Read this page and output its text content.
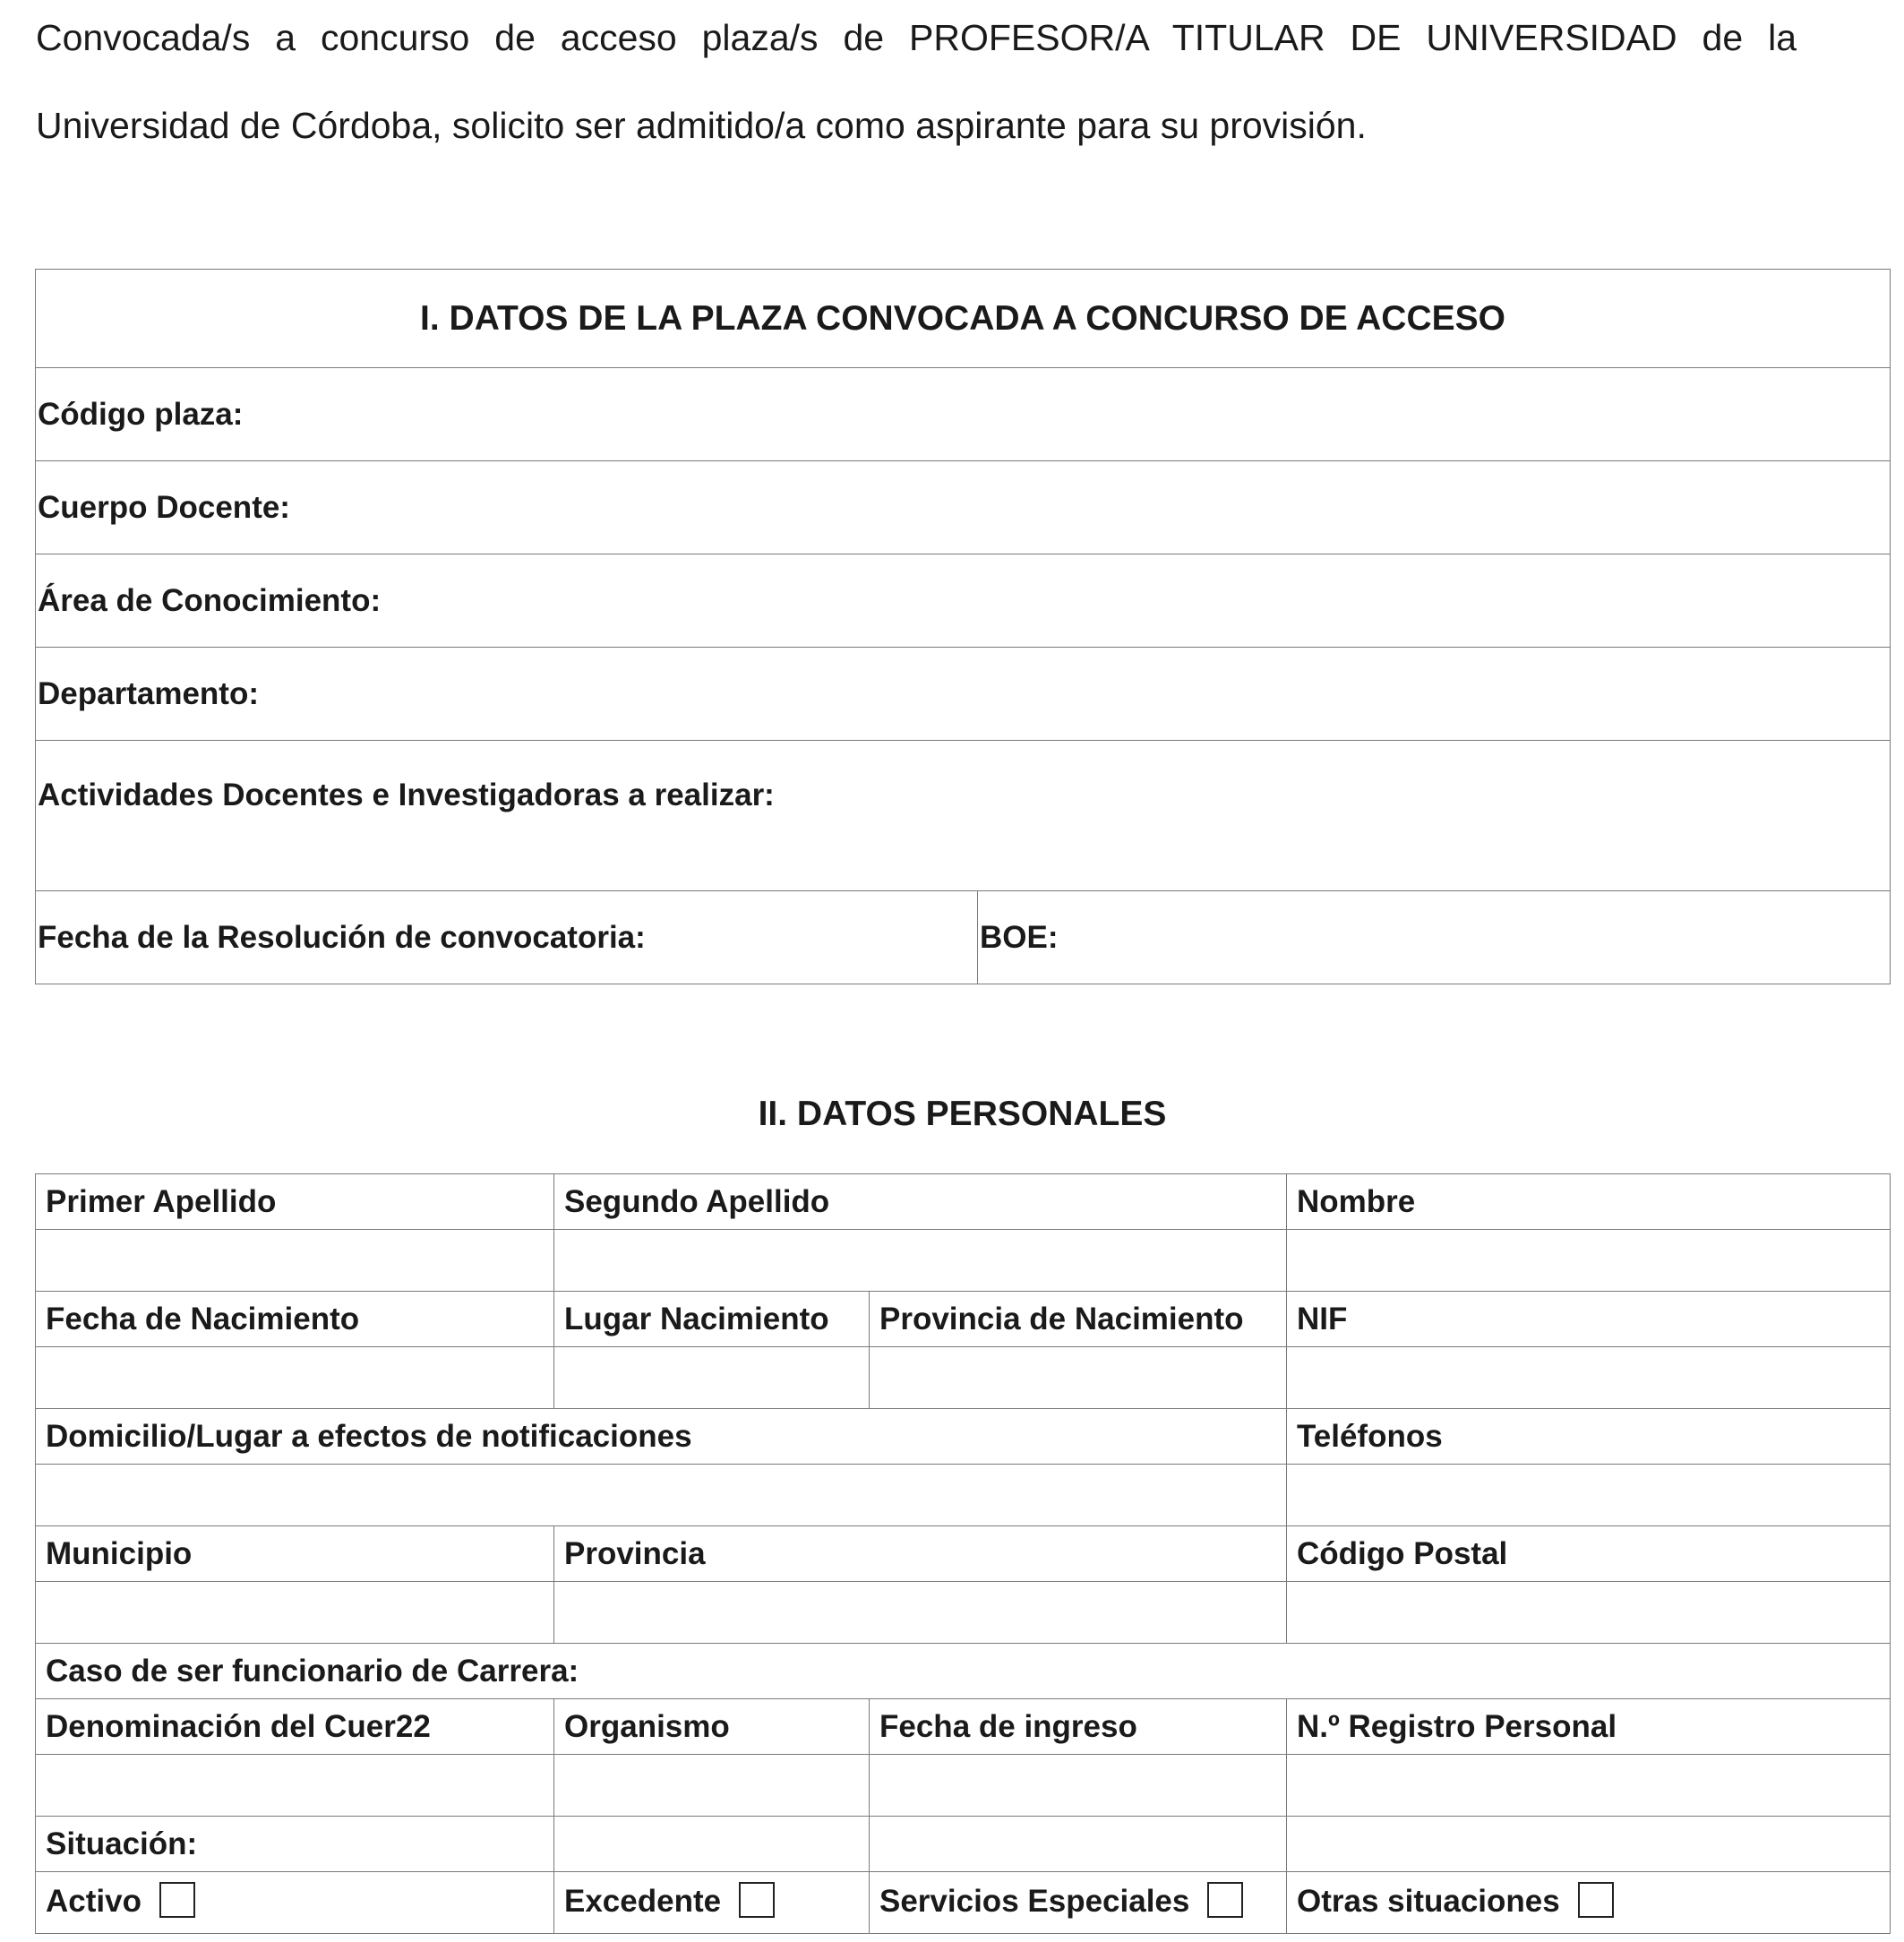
Convocada/s a concurso de acceso plaza/s de PROFESOR/A TITULAR DE UNIVERSIDAD de la
Universidad de Córdoba, solicito ser admitido/a como aspirante para su provisión.
I. DATOS DE LA PLAZA CONVOCADA A CONCURSO DE ACCESO
Código plaza:
Cuerpo Docente:
Área de Conocimiento:
Departamento:
Actividades Docentes e Investigadoras a realizar:
Fecha de la Resolución de convocatoria:	BOE:
II. DATOS PERSONALES
Primer Apellido	Segundo Apellido		Nombre

Fecha de Nacimiento	Lugar Nacimiento	Provincia de Nacimiento	NIF

Domicilio/Lugar a efectos de notificaciones			Teléfonos

Municipio	Provincia		Código Postal

Caso de ser funcionario de Carrera:			
Denominación del Cuer22	Organismo	Fecha de ingreso	N.º Registro Personal

Situación:			
Activo	Excedente	Servicios Especiales	Otras situaciones
